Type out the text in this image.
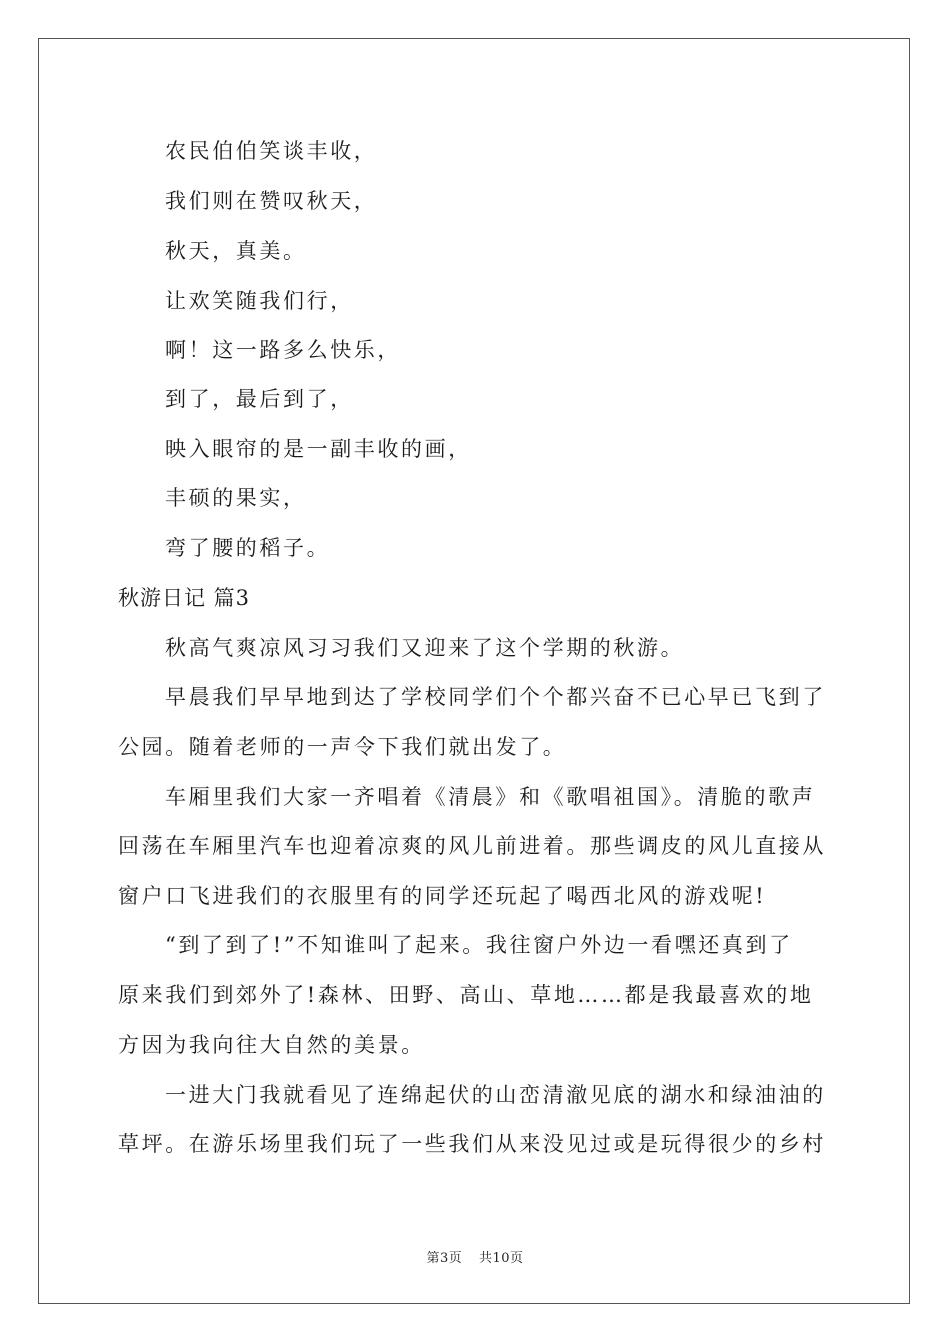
农民伯伯笑谈丰收，
我们则在赞叹秋天，
秋天，真美。
让欢笑随我们行，
啊！这一路多么快乐，
到了，最后到了，
映入眼帘的是一副丰收的画，
丰硕的果实，
弯了腰的稻子。
秋游日记 篇3
秋高气爽凉风习习我们又迎来了这个学期的秋游。
早晨我们早早地到达了学校同学们个个都兴奋不已心早已飞到了
公园。随着老师的一声令下我们就出发了。
车厢里我们大家一齐唱着《清晨》和《歌唱祖国》。清脆的歌声
回荡在车厢里汽车也迎着凉爽的风儿前进着。那些调皮的风儿直接从
窗户口飞进我们的衣服里有的同学还玩起了喝西北风的游戏呢!
“到了到了!”不知谁叫了起来。我往窗户外边一看嘿还真到了
原来我们到郊外了!森林、田野、高山、草地……都是我最喜欢的地
方因为我向往大自然的美景。
一进大门我就看见了连绵起伏的山峦清澈见底的湖水和绿油油的
草坪。在游乐场里我们玩了一些我们从来没见过或是玩得很少的乡村
第3页 共10页
